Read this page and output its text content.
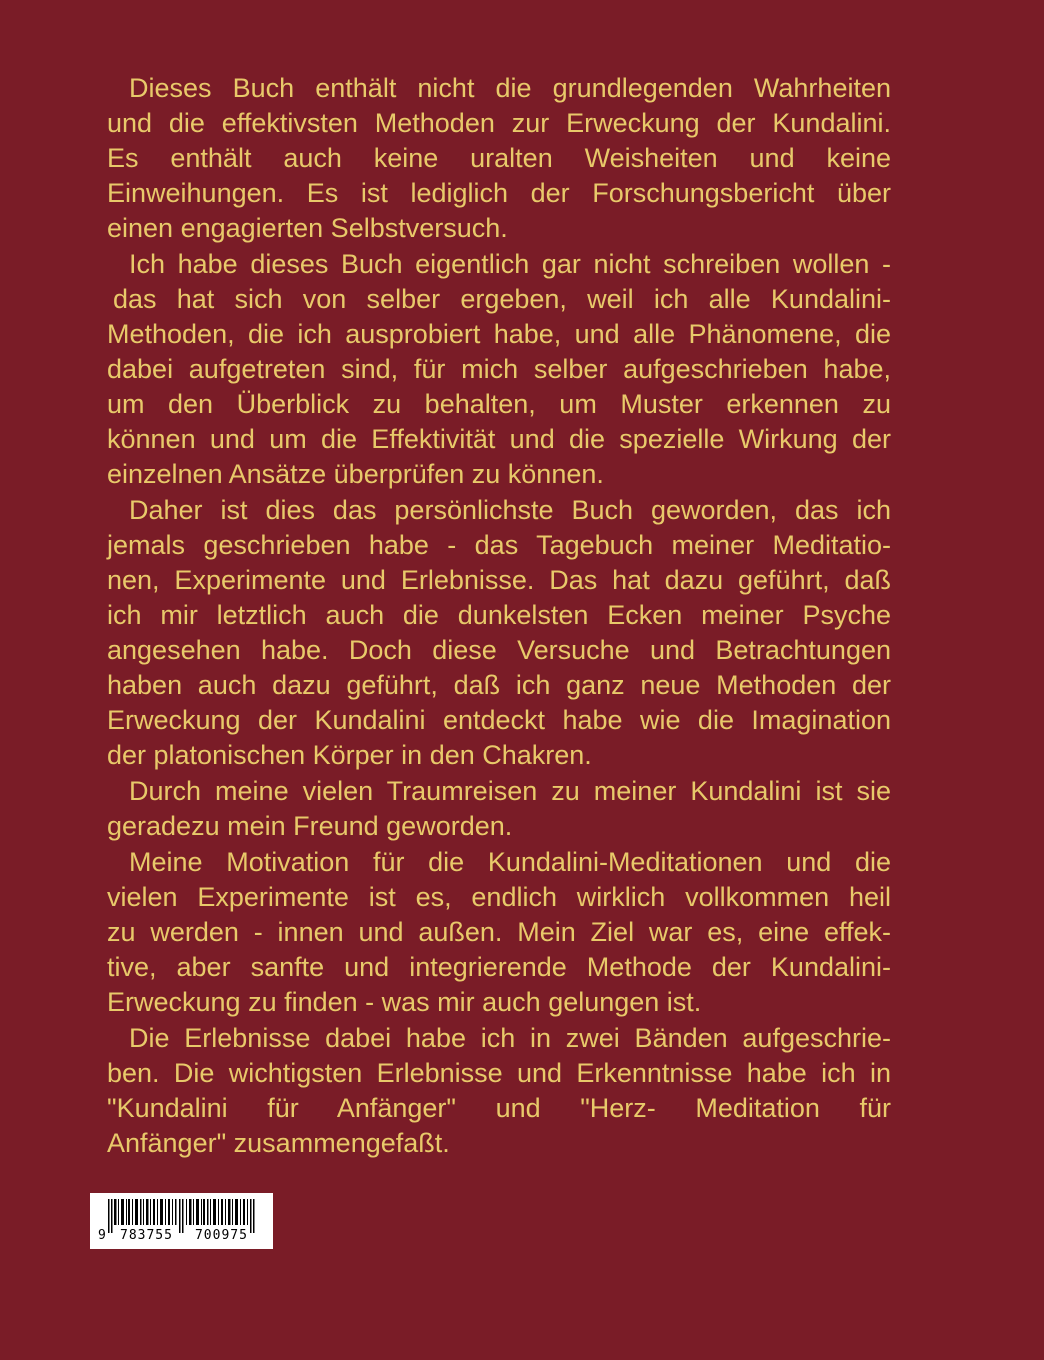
Dieses Buch enthält nicht die grundlegenden Wahrheiten
und die effektivsten Methoden zur Erweckung der Kundalini.
Es enthält auch keine uralten Weisheiten und keine
Einweihungen. Es ist lediglich der Forschungsbericht über
einen engagierten Selbstversuch.

Ich habe dieses Buch eigentlich gar nicht schreiben wollen -
das hat sich von selber ergeben, weil ich alle Kundalini-
Methoden, die ich ausprobiert habe, und alle Phänomene, die
dabei aufgetreten sind, für mich selber aufgeschrieben habe,
um den Überblick zu behalten, um Muster erkennen zu
können und um die Effektivität und die spezielle Wirkung der
einzelnen Ansätze überprüfen zu können.

Daher ist dies das persönlichste Buch geworden, das ich
jemals geschrieben habe - das Tagebuch meiner Meditatio-
nen, Experimente und Erlebnisse. Das hat dazu geführt, daß
ich mir letztlich auch die dunkelsten Ecken meiner Psyche
angesehen habe. Doch diese Versuche und Betrachtungen
haben auch dazu geführt, daß ich ganz neue Methoden der
Erweckung der Kundalini entdeckt habe wie die Imagination
der platonischen Körper in den Chakren.

Durch meine vielen Traumreisen zu meiner Kundalini ist sie
geradezu mein Freund geworden.

Meine Motivation für die Kundalini-Meditationen und die
vielen Experimente ist es, endlich wirklich vollkommen heil
zu werden - innen und außen. Mein Ziel war es, eine effek-
tive, aber sanfte und integrierende Methode der Kundalini-
Erweckung zu finden - was mir auch gelungen ist.

Die Erlebnisse dabei habe ich in zwei Bänden aufgeschrie-
ben. Die wichtigsten Erlebnisse und Erkenntnisse habe ich in
"Kundalini für Anfänger" und "Herz- Meditation für
Anfänger" zusammengefaßt.

9	783755 700975
